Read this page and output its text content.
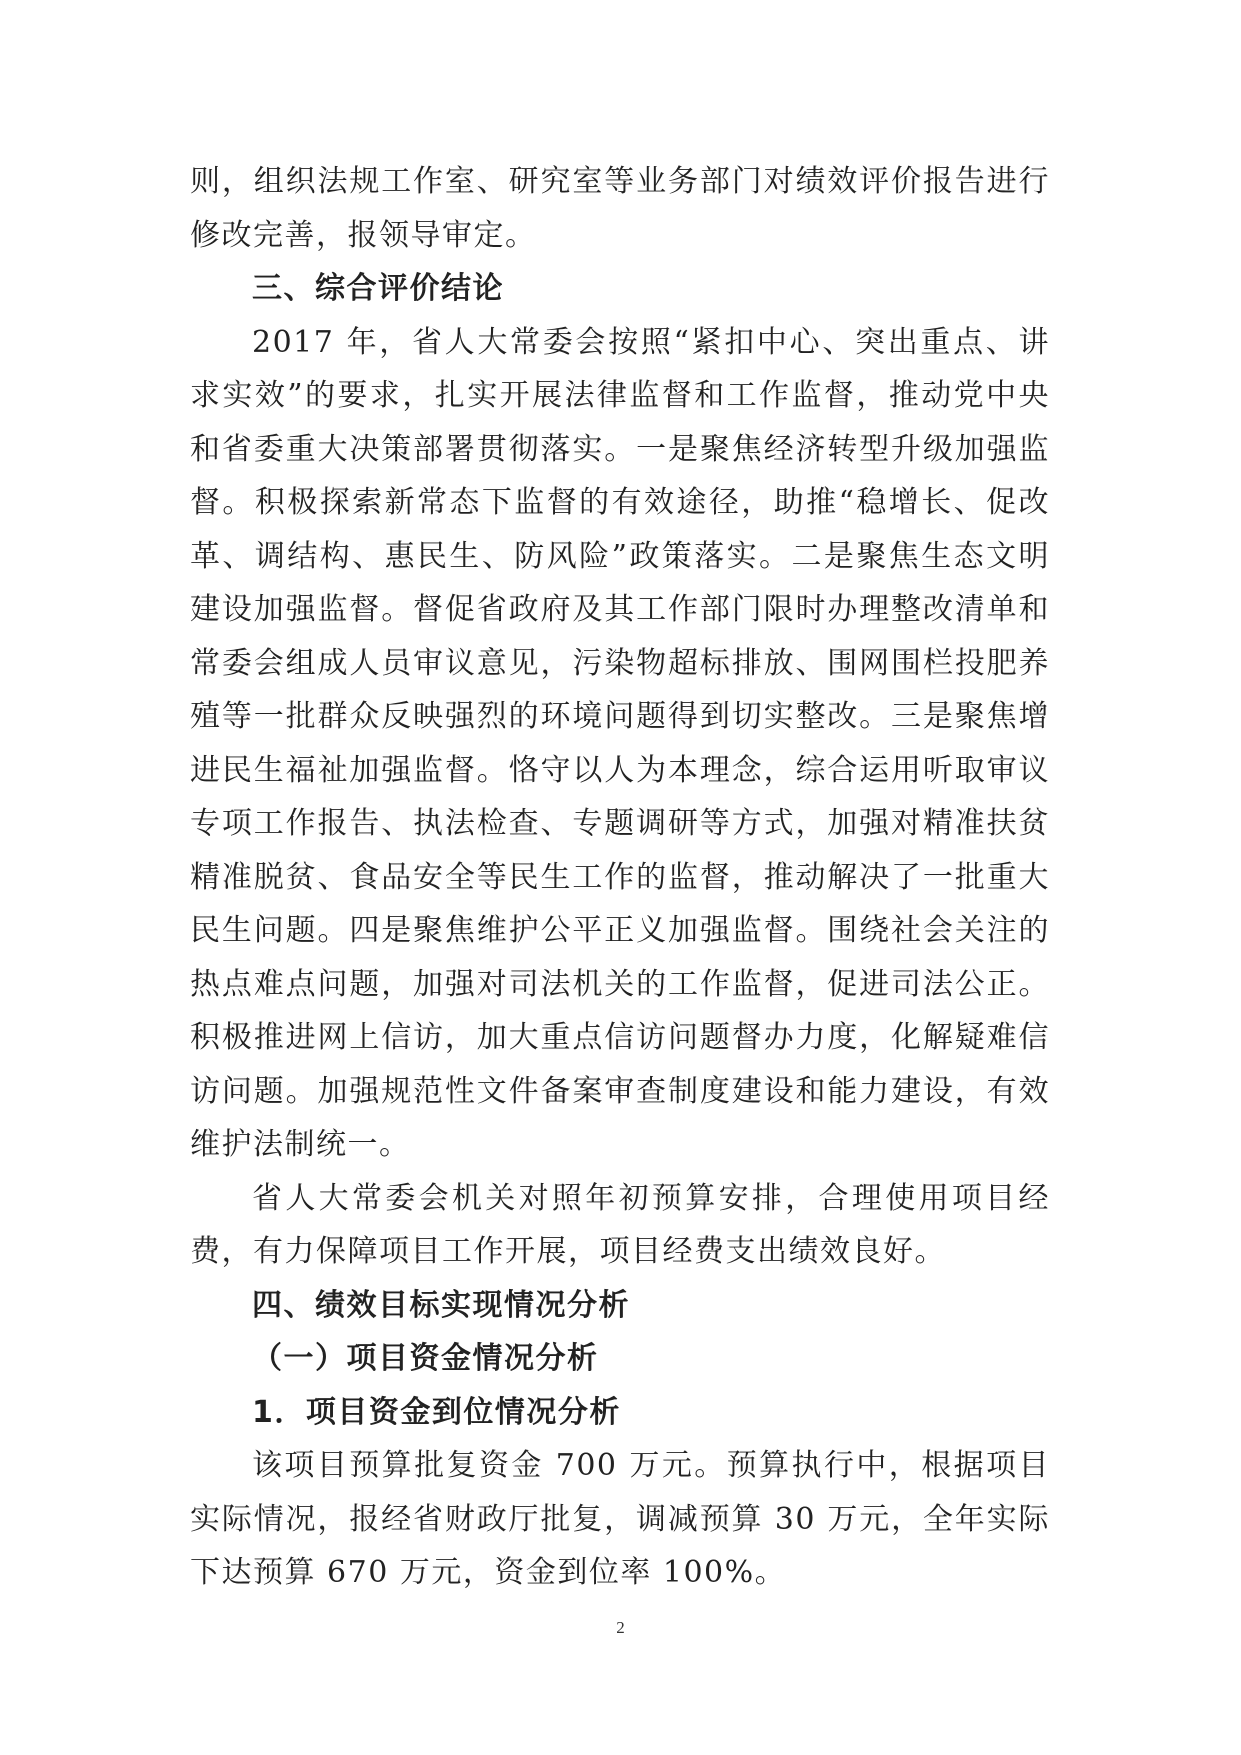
则，组织法规工作室、研究室等业务部门对绩效评价报告进行修改完善，报领导审定。

三、综合评价结论

2017 年，省人大常委会按照“紧扣中心、突出重点、讲求实效”的要求，扎实开展法律监督和工作监督，推动党中央和省委重大决策部署贯彻落实。一是聚焦经济转型升级加强监督。积极探索新常态下监督的有效途径，助推“稳增长、促改革、调结构、惠民生、防风险”政策落实。二是聚焦生态文明建设加强监督。督促省政府及其工作部门限时办理整改清单和常委会组成人员审议意见，污染物超标排放、围网围栏投肥养殖等一批群众反映强烈的环境问题得到切实整改。三是聚焦增进民生福祉加强监督。恪守以人为本理念，综合运用听取审议专项工作报告、执法检查、专题调研等方式，加强对精准扶贫精准脱贫、食品安全等民生工作的监督，推动解决了一批重大民生问题。四是聚焦维护公平正义加强监督。围绕社会关注的热点难点问题，加强对司法机关的工作监督，促进司法公正。积极推进网上信访，加大重点信访问题督办力度，化解疑难信访问题。加强规范性文件备案审查制度建设和能力建设，有效维护法制统一。

省人大常委会机关对照年初预算安排，合理使用项目经费，有力保障项目工作开展，项目经费支出绩效良好。

四、绩效目标实现情况分析

（一）项目资金情况分析

1．项目资金到位情况分析

该项目预算批复资金 700 万元。预算执行中，根据项目实际情况，报经省财政厅批复，调减预算 30 万元，全年实际下达预算 670 万元，资金到位率 100%。

2
